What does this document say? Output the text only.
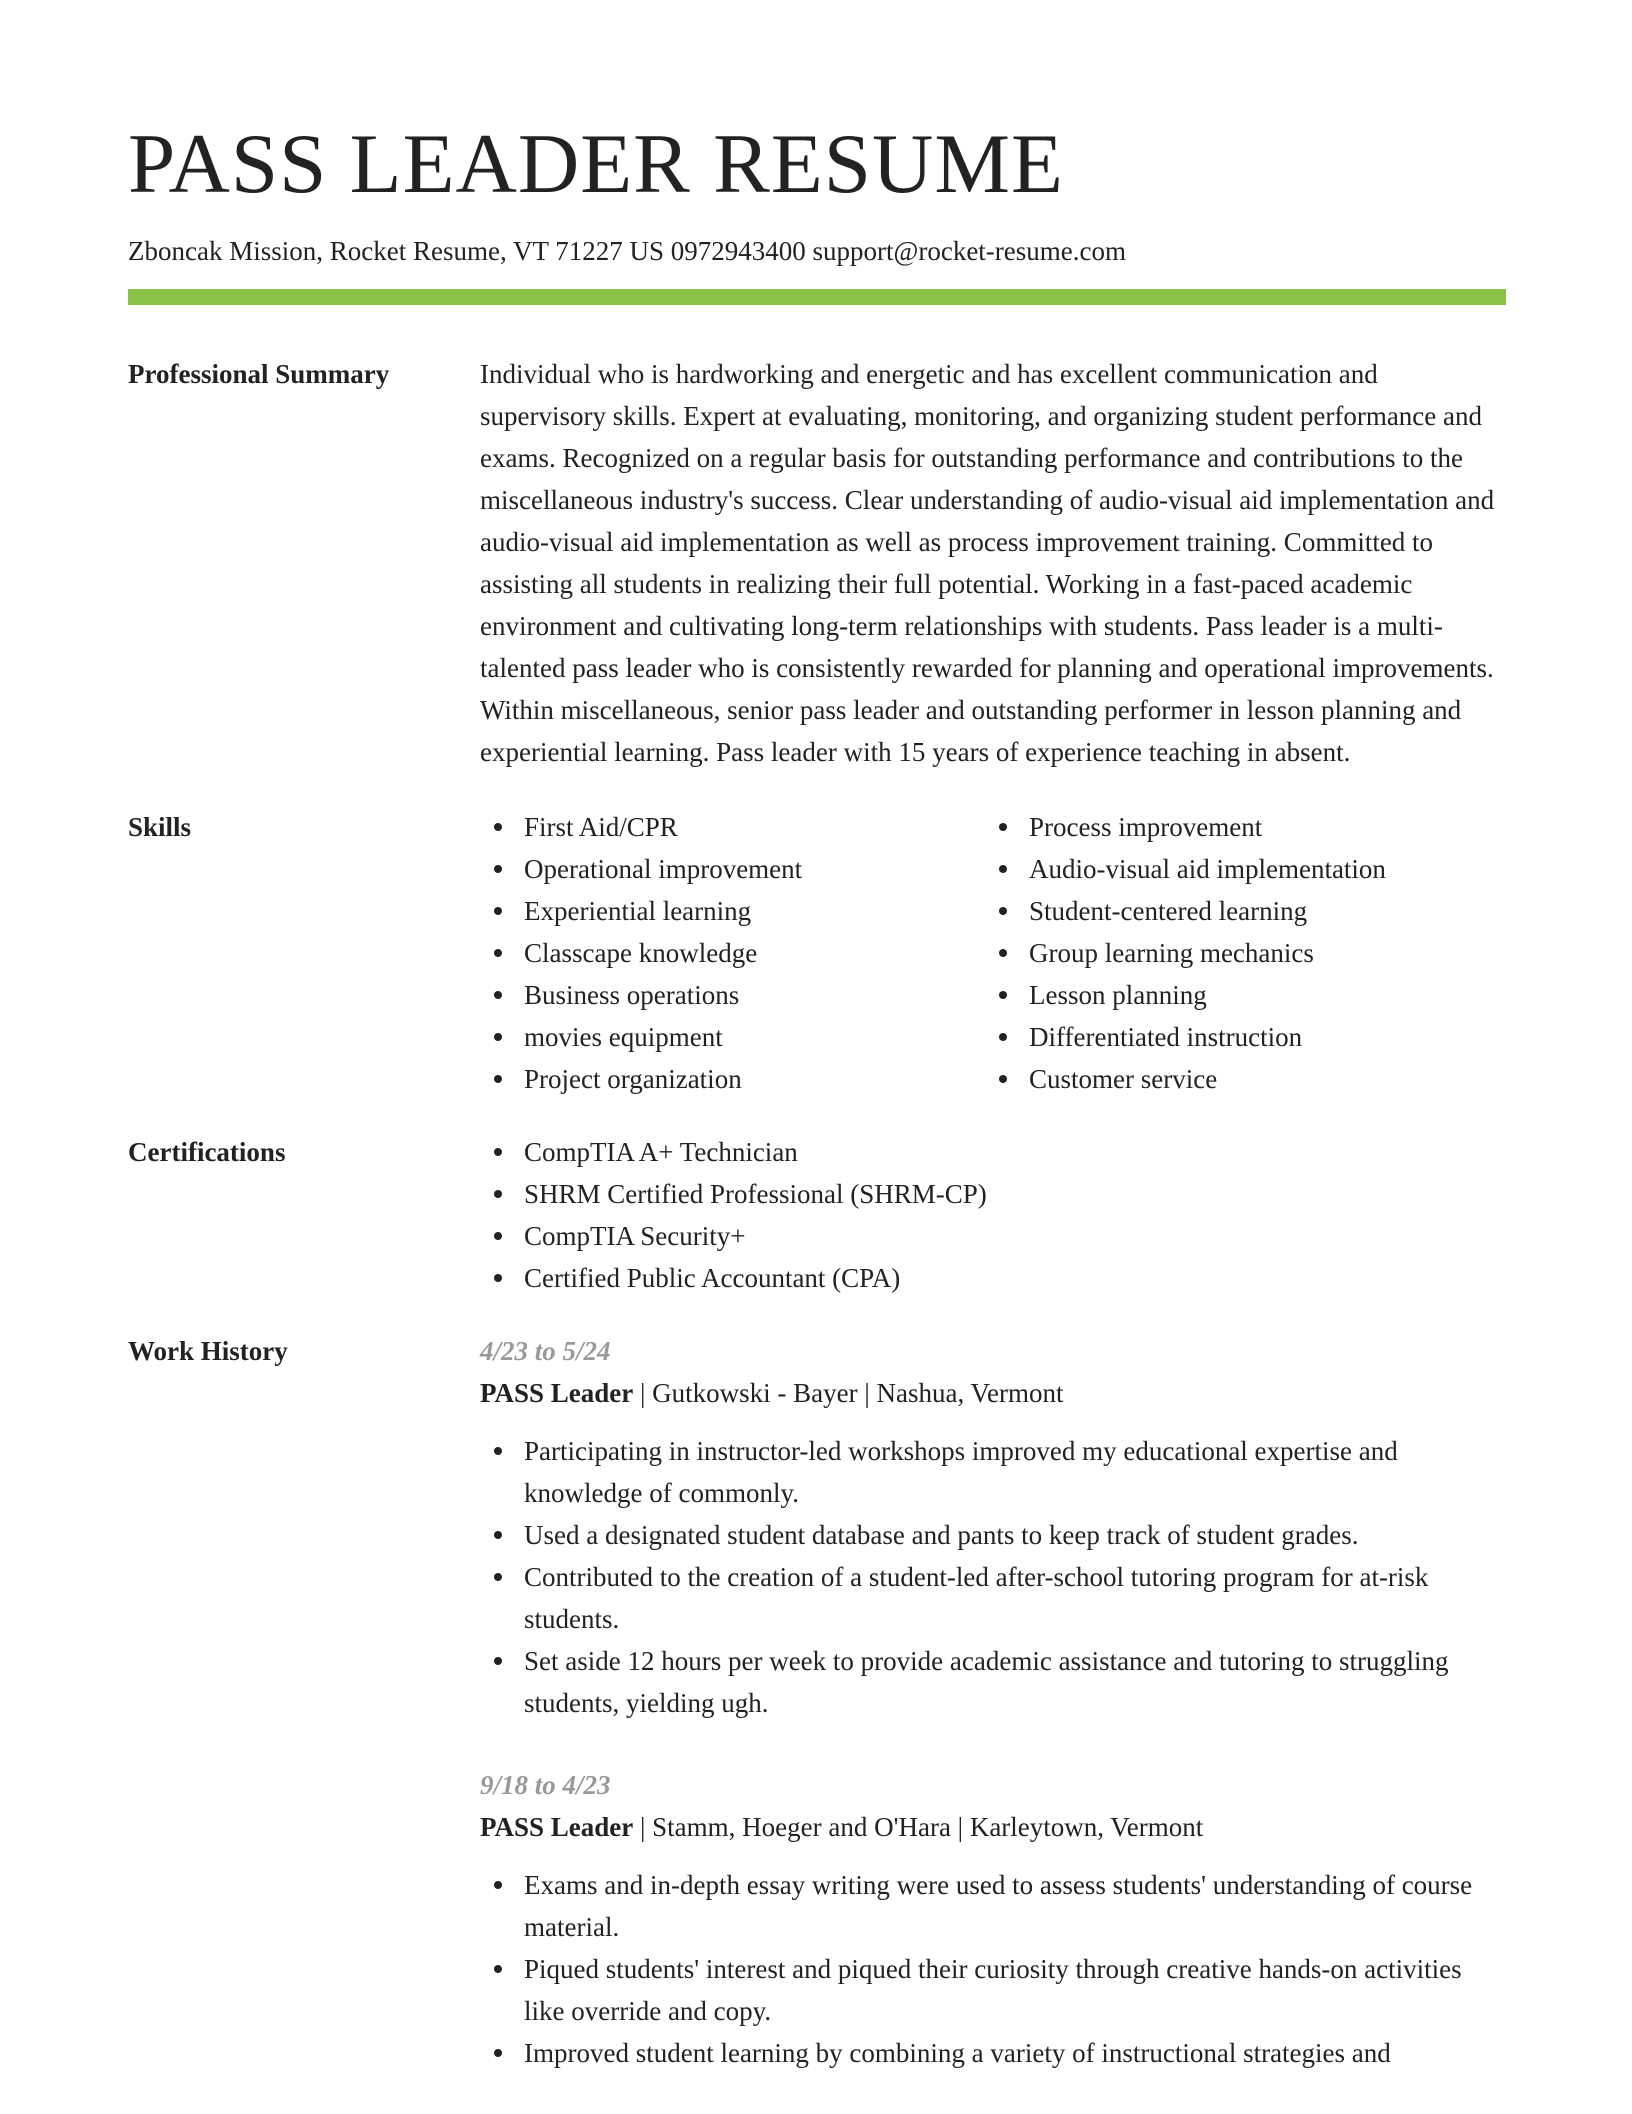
PASS LEADER RESUME
Zboncak Mission, Rocket Resume, VT 71227 US 0972943400 support@rocket-resume.com
Professional Summary	Individual who is hardworking and energetic and has excellent communication and supervisory skills. Expert at evaluating, monitoring, and organizing student performance and exams. Recognized on a regular basis for outstanding performance and contributions to the miscellaneous industry's success. Clear understanding of audio-visual aid implementation and audio-visual aid implementation as well as process improvement training. Committed to assisting all students in realizing their full potential. Working in a fast-paced academic environment and cultivating long-term relationships with students. Pass leader is a multi-talented pass leader who is consistently rewarded for planning and operational improvements. Within miscellaneous, senior pass leader and outstanding performer in lesson planning and experiential learning. Pass leader with 15 years of experience teaching in absent.
Skills	First Aid/CPR
Operational improvement
Experiential learning
Classcape knowledge
Business operations
movies equipment
Project organization
Process improvement
Audio-visual aid implementation
Student-centered learning
Group learning mechanics
Lesson planning
Differentiated instruction
Customer service
Certifications	CompTIA A+ Technician
SHRM Certified Professional (SHRM-CP)
CompTIA Security+
Certified Public Accountant (CPA)
Work History	4/23 to 5/24
PASS Leader | Gutkowski - Bayer | Nashua, Vermont
Participating in instructor-led workshops improved my educational expertise and knowledge of commonly.
Used a designated student database and pants to keep track of student grades.
Contributed to the creation of a student-led after-school tutoring program for at-risk students.
Set aside 12 hours per week to provide academic assistance and tutoring to struggling students, yielding ugh.
9/18 to 4/23
PASS Leader | Stamm, Hoeger and O'Hara | Karleytown, Vermont
Exams and in-depth essay writing were used to assess students' understanding of course material.
Piqued students' interest and piqued their curiosity through creative hands-on activities like override and copy.
Improved student learning by combining a variety of instructional strategies and
